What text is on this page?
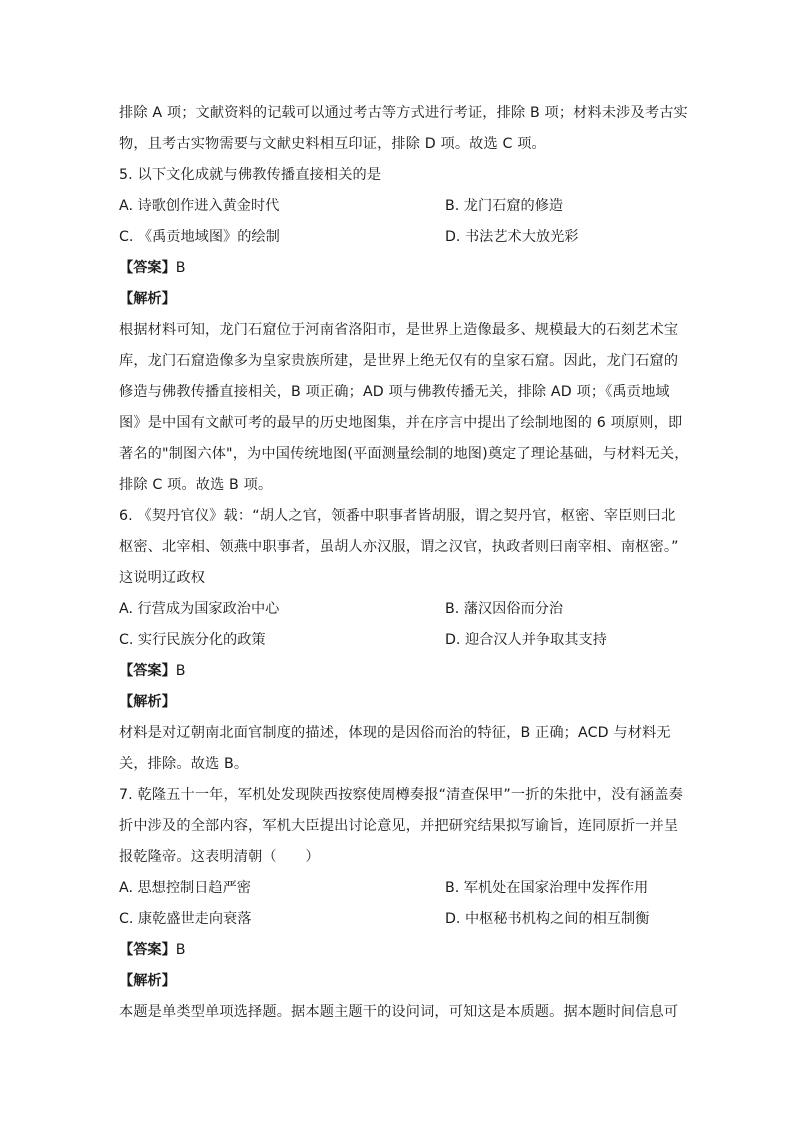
排除 A 项；文献资料的记载可以通过考古等方式进行考证，排除 B 项；材料未涉及考古实
物，且考古实物需要与文献史料相互印证，排除 D 项。故选 C 项。
5. 以下文化成就与佛教传播直接相关的是
A. 诗歌创作进入黄金时代	B. 龙门石窟的修造
C. 《禹贡地域图》的绘制	D. 书法艺术大放光彩
【答案】B
【解析】
根据材料可知，龙门石窟位于河南省洛阳市，是世界上造像最多、规模最大的石刻艺术宝
库，龙门石窟造像多为皇家贵族所建，是世界上绝无仅有的皇家石窟。因此，龙门石窟的
修造与佛教传播直接相关，B 项正确；AD 项与佛教传播无关，排除 AD 项；《禹贡地域
图》是中国有文献可考的最早的历史地图集，并在序言中提出了绘制地图的 6 项原则，即
著名的"制图六体"，为中国传统地图(平面测量绘制的地图)奠定了理论基础，与材料无关，
排除 C 项。故选 B 项。
6. 《契丹官仪》载：“胡人之官，领番中职事者皆胡服，谓之契丹官，枢密、宰臣则曰北
枢密、北宰相、领燕中职事者，虽胡人亦汉服，谓之汉官，执政者则曰南宰相、南枢密。”
这说明辽政权
A. 行营成为国家政治中心	B. 藩汉因俗而分治
C. 实行民族分化的政策	D. 迎合汉人并争取其支持
【答案】B
【解析】
材料是对辽朝南北面官制度的描述，体现的是因俗而治的特征，B 正确；ACD 与材料无
关，排除。故选 B。
7. 乾隆五十一年，军机处发现陕西按察使周樽奏报“清查保甲”一折的朱批中，没有涵盖奏
折中涉及的全部内容，军机大臣提出讨论意见，并把研究结果拟写谕旨，连同原折一并呈
报乾隆帝。这表明清朝（　　）
A. 思想控制日趋严密	B. 军机处在国家治理中发挥作用
C. 康乾盛世走向衰落	D. 中枢秘书机构之间的相互制衡
【答案】B
【解析】
本题是单类型单项选择题。据本题主题干的设问词，可知这是本质题。据本题时间信息可
